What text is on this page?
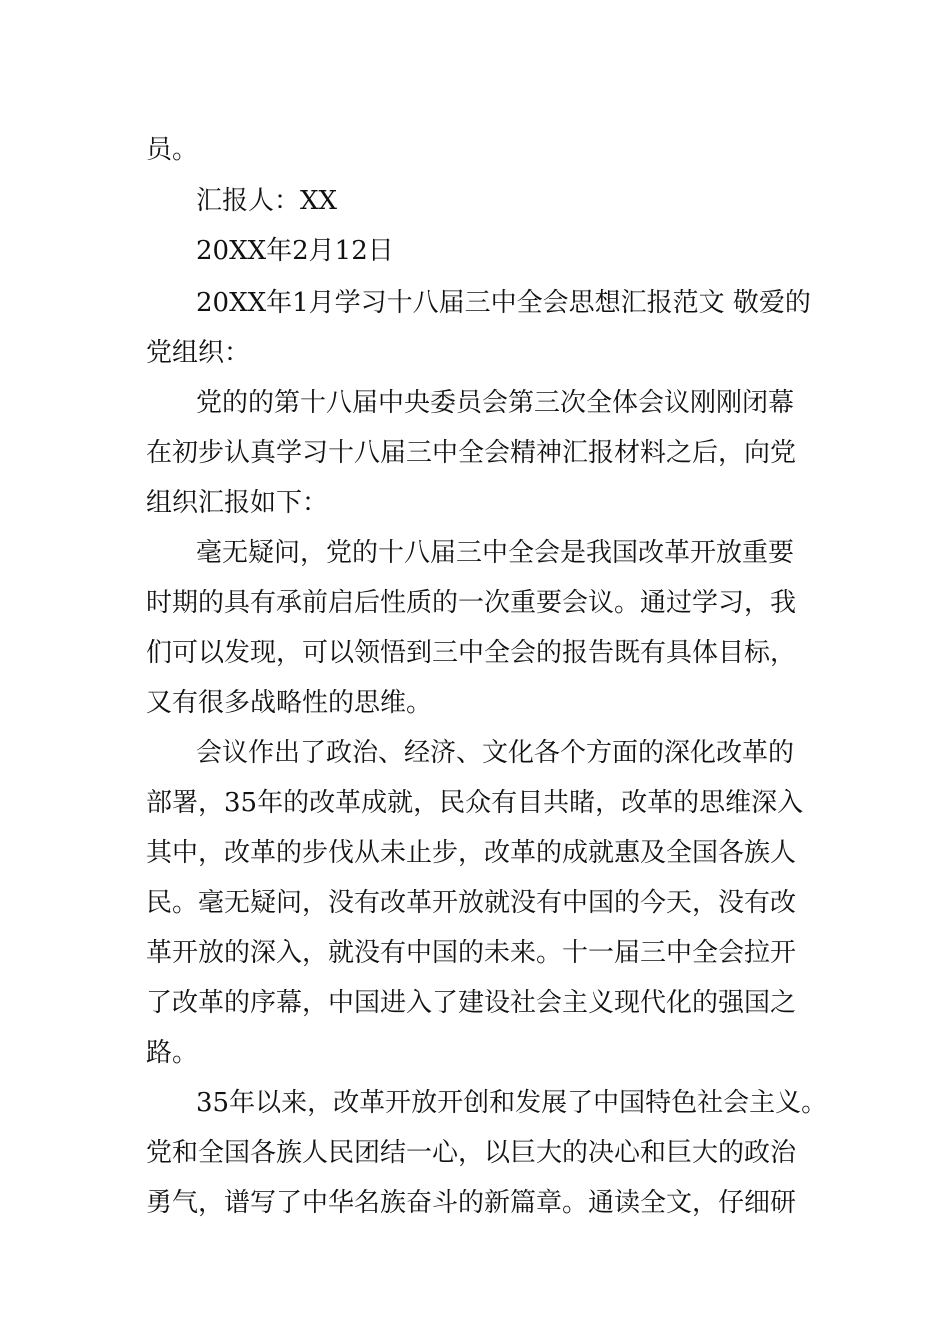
员。
汇报人：XX
20XX年2月12日
20XX年1月学习十八届三中全会思想汇报范文 敬爱的
党组织：
党的的第十八届中央委员会第三次全体会议刚刚闭幕
在初步认真学习十八届三中全会精神汇报材料之后，向党
组织汇报如下：
毫无疑问，党的十八届三中全会是我国改革开放重要
时期的具有承前启后性质的一次重要会议。通过学习，我
们可以发现，可以领悟到三中全会的报告既有具体目标，
又有很多战略性的思维。
会议作出了政治、经济、文化各个方面的深化改革的
部署，35年的改革成就，民众有目共睹，改革的思维深入
其中，改革的步伐从未止步，改革的成就惠及全国各族人
民。毫无疑问，没有改革开放就没有中国的今天，没有改
革开放的深入，就没有中国的未来。十一届三中全会拉开
了改革的序幕，中国进入了建设社会主义现代化的强国之
路。
35年以来，改革开放开创和发展了中国特色社会主义。
党和全国各族人民团结一心，以巨大的决心和巨大的政治
勇气，谱写了中华名族奋斗的新篇章。通读全文，仔细研
